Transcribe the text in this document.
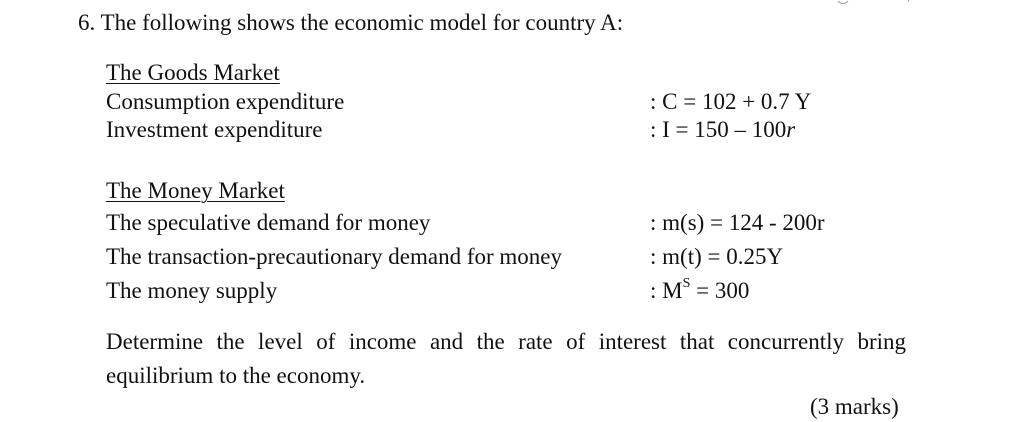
6. The following shows the economic model for country A:
The Goods Market
Consumption expenditure	: C = 102 + 0.7 Y
Investment expenditure	: I = 150 – 100r
The Money Market
The speculative demand for money	: m(s) = 124 - 200r
The transaction-precautionary demand for money	: m(t) = 0.25Y
The money supply	: $M^S = 300$
Determine the level of income and the rate of interest that concurrently bring equilibrium to the economy.
(3 marks)
